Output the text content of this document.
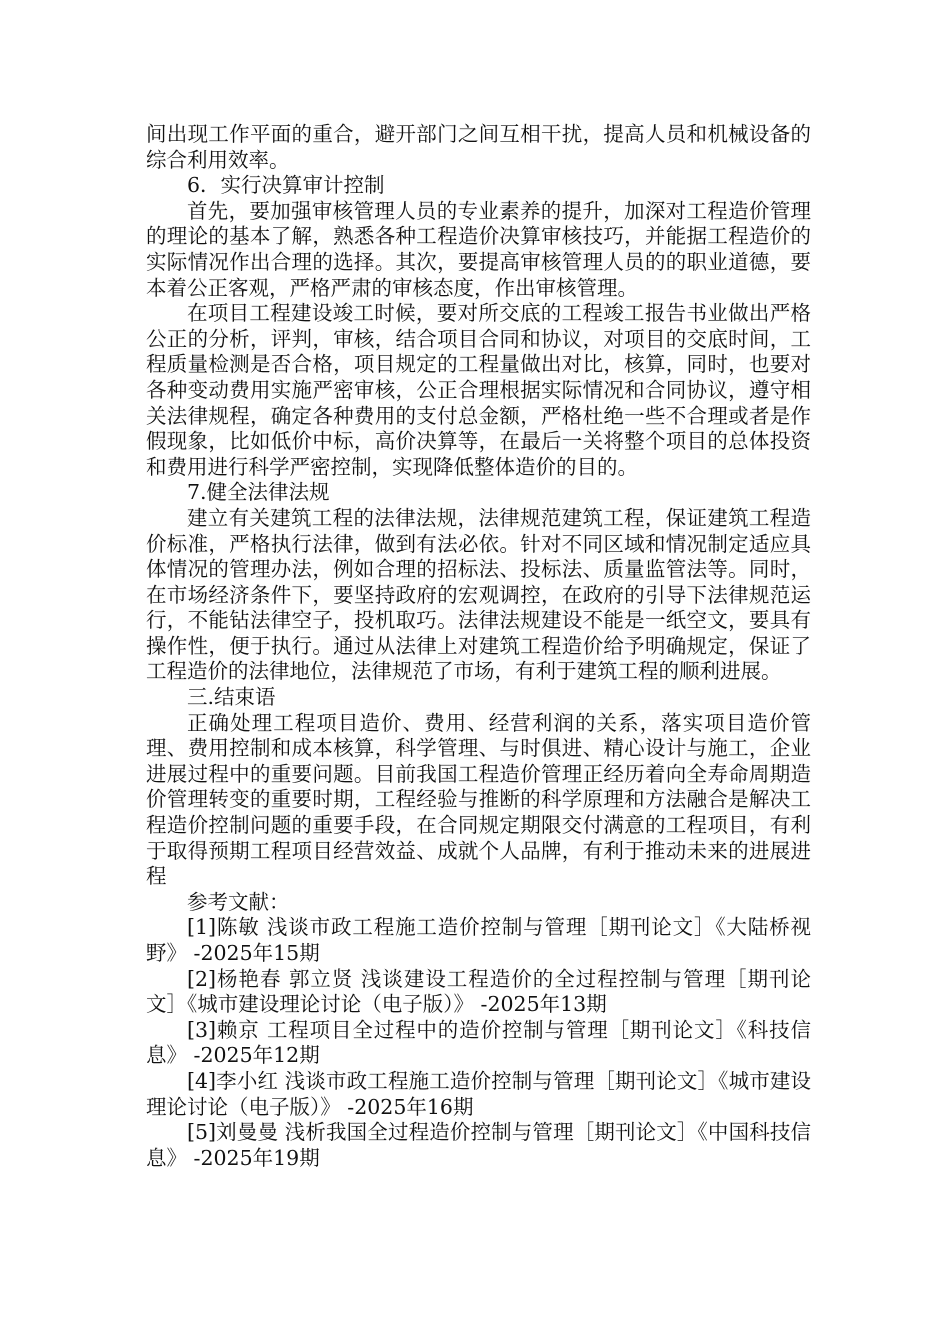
间出现工作平面的重合，避开部门之间互相干扰，提高人员和机械设备的综合利用效率。

6．实行决算审计控制

首先，要加强审核管理人员的专业素养的提升，加深对工程造价管理的理论的基本了解，熟悉各种工程造价决算审核技巧，并能据工程造价的实际情况作出合理的选择。其次，要提高审核管理人员的的职业道德，要本着公正客观，严格严肃的审核态度，作出审核管理。

在项目工程建设竣工时候，要对所交底的工程竣工报告书业做出严格公正的分析，评判，审核，结合项目合同和协议，对项目的交底时间，工程质量检测是否合格，项目规定的工程量做出对比，核算，同时，也要对各种变动费用实施严密审核，公正合理根据实际情况和合同协议，遵守相关法律规程，确定各种费用的支付总金额，严格杜绝一些不合理或者是作假现象，比如低价中标，高价决算等，在最后一关将整个项目的总体投资和费用进行科学严密控制，实现降低整体造价的目的。

7.健全法律法规

建立有关建筑工程的法律法规，法律规范建筑工程，保证建筑工程造价标准，严格执行法律，做到有法必依。针对不同区域和情况制定适应具体情况的管理办法，例如合理的招标法、投标法、质量监管法等。同时，在市场经济条件下，要坚持政府的宏观调控，在政府的引导下法律规范运行，不能钻法律空子，投机取巧。法律法规建设不能是一纸空文，要具有操作性，便于执行。通过从法律上对建筑工程造价给予明确规定，保证了工程造价的法律地位，法律规范了市场，有利于建筑工程的顺利进展。

三.结束语

正确处理工程项目造价、费用、经营利润的关系，落实项目造价管理、费用控制和成本核算，科学管理、与时俱进、精心设计与施工，企业进展过程中的重要问题。目前我国工程造价管理正经历着向全寿命周期造价管理转变的重要时期，工程经验与推断的科学原理和方法融合是解决工程造价控制问题的重要手段，在合同规定期限交付满意的工程项目，有利于取得预期工程项目经营效益、成就个人品牌，有利于推动未来的进展进程

参考文献：

[1]陈敏 浅谈市政工程施工造价控制与管理［期刊论文］《大陆桥视野》 -2025年15期

[2]杨艳春 郭立贤 浅谈建设工程造价的全过程控制与管理［期刊论文］《城市建设理论讨论（电子版）》 -2025年13期

[3]赖京 工程项目全过程中的造价控制与管理［期刊论文］《科技信息》 -2025年12期

[4]李小红 浅谈市政工程施工造价控制与管理［期刊论文］《城市建设理论讨论（电子版）》 -2025年16期

[5]刘曼曼 浅析我国全过程造价控制与管理［期刊论文］《中国科技信息》 -2025年19期
